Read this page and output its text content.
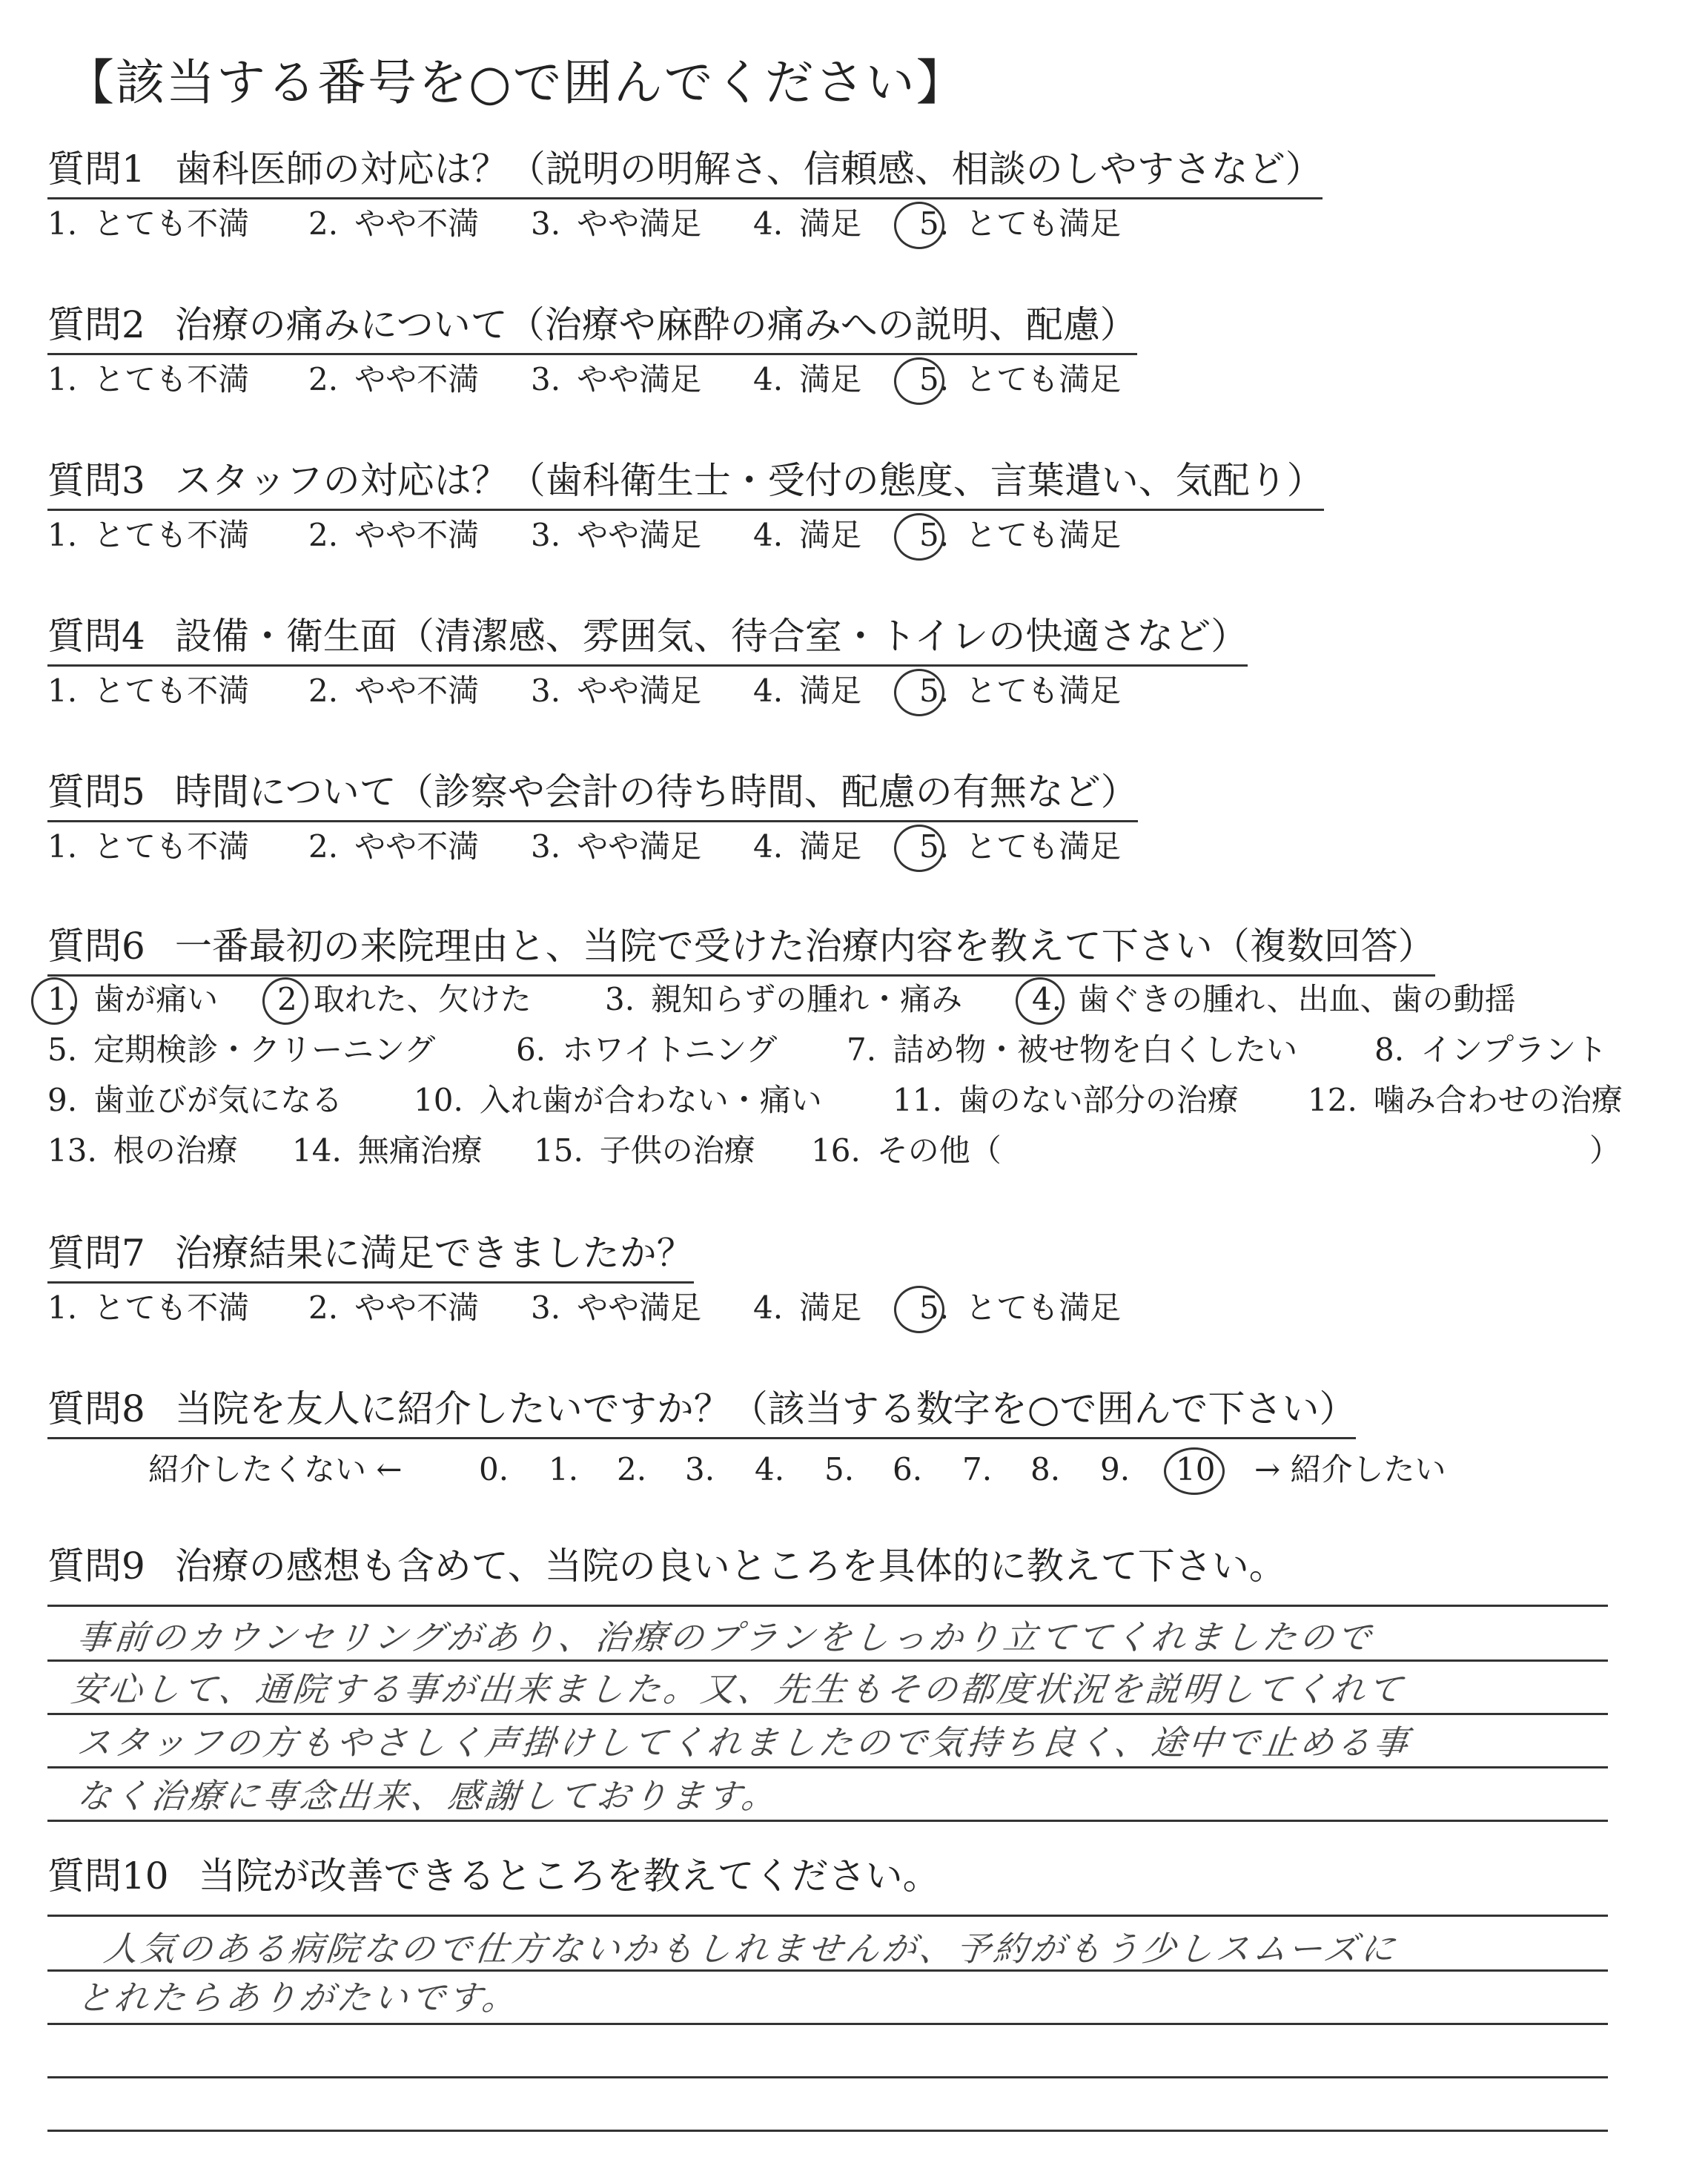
【該当する番号を○で囲んでください】
質問1 歯科医師の対応は？（説明の明解さ、信頼感、相談のしやすさなど）
1. とても不満 2. やや不満 3. やや満足 4. 満足 5. とても満足
質問2 治療の痛みについて（治療や麻酔の痛みへの説明、配慮）
1. とても不満 2. やや不満 3. やや満足 4. 満足 5. とても満足
質問3 スタッフの対応は？（歯科衛生士・受付の態度、言葉遣い、気配り）
1. とても不満 2. やや不満 3. やや満足 4. 満足 5. とても満足
質問4 設備・衛生面（清潔感、雰囲気、待合室・トイレの快適さなど）
1. とても不満 2. やや不満 3. やや満足 4. 満足 5. とても満足
質問5 時間について（診察や会計の待ち時間、配慮の有無など）
1. とても不満 2. やや不満 3. やや満足 4. 満足 5. とても満足
質問6 一番最初の来院理由と、当院で受けた治療内容を教えて下さい（複数回答）
1. 歯が痛い 2 取れた、欠けた 3. 親知らずの腫れ・痛み 4. 歯ぐきの腫れ、出血、歯の動揺
5. 定期検診・クリーニング	6. ホワイトニング 7. 詰め物・被せ物を白くしたい 8. インプラント
9. 歯並びが気になる 10. 入れ歯が合わない・痛い 11. 歯のない部分の治療 12. 噛み合わせの治療
13. 根の治療 14. 無痛治療 15. 子供の治療 16. その他（	）
質問7 治療結果に満足できましたか？
1. とても不満 2. やや不満 3. やや満足 4. 満足 5. とても満足
質問8 当院を友人に紹介したいですか？（該当する数字を○で囲んで下さい）
紹介したくない ← 0. 1. 2. 3. 4. 5. 6. 7. 8. 9. 10 → 紹介したい
質問9 治療の感想も含めて、当院の良いところを具体的に教えて下さい。
事前のカウンセリングがあり、治療のプランをしっかり立ててくれましたので
安心して、通院する事が出来ました。又、先生もその都度状況を説明してくれて
スタッフの方もやさしく声掛けしてくれましたので気持ち良く、途中で止める事
なく治療に専念出来、感謝しております。
質問10 当院が改善できるところを教えてください。
人気のある病院なので仕方ないかもしれませんが、予約がもう少しスムーズに
とれたらありがたいです。
